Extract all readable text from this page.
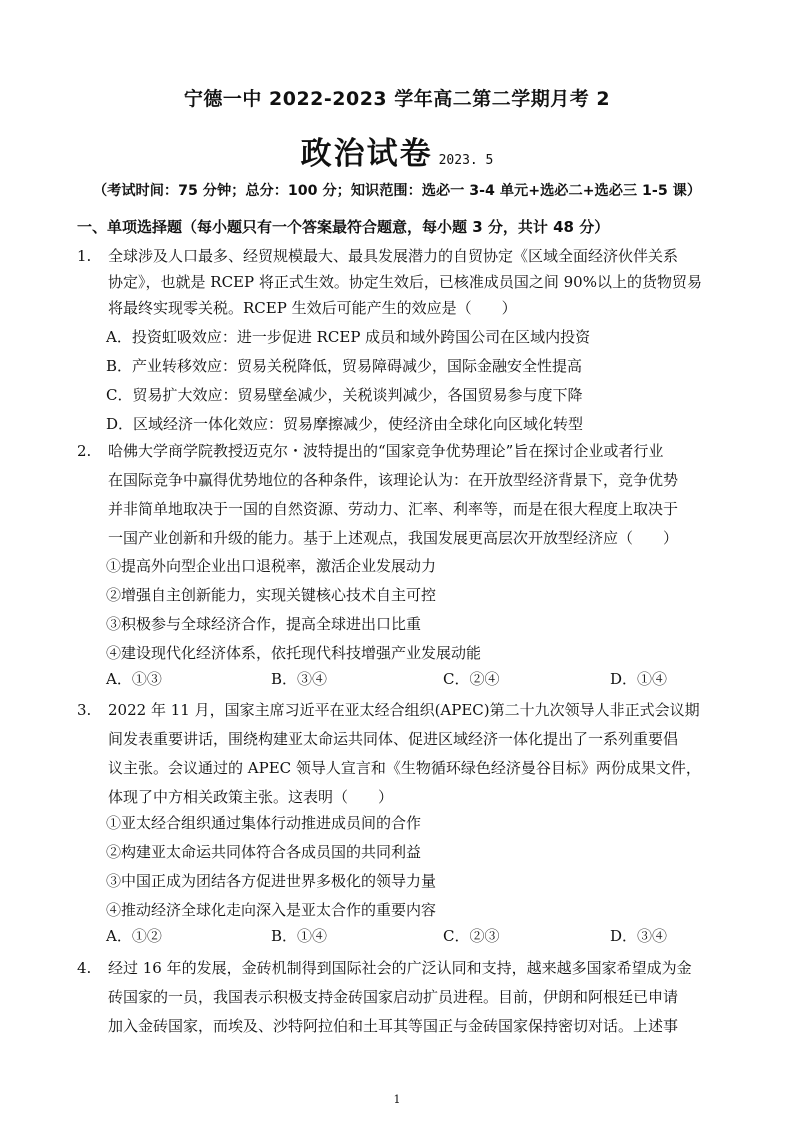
宁德一中 2022-2023 学年高二第二学期月考 2
政治试卷 2023. 5
（考试时间：75 分钟；总分：100 分；知识范围：选必一 3-4 单元+选必二+选必三 1-5 课）
一、单项选择题（每小题只有一个答案最符合题意，每小题 3 分，共计 48 分）
1. 全球涉及人口最多、经贸规模最大、最具发展潜力的自贸协定《区域全面经济伙伴关系
协定》，也就是 RCEP 将正式生效。协定生效后，已核准成员国之间 90%以上的货物贸易
将最终实现零关税。RCEP 生效后可能产生的效应是（　　）
A．投资虹吸效应：进一步促进 RCEP 成员和域外跨国公司在区域内投资
B．产业转移效应：贸易关税降低，贸易障碍减少，国际金融安全性提高
C．贸易扩大效应：贸易壁垒减少，关税谈判减少，各国贸易参与度下降
D．区域经济一体化效应：贸易摩擦减少，使经济由全球化向区域化转型
2. 哈佛大学商学院教授迈克尔・波特提出的“国家竞争优势理论”旨在探讨企业或者行业
在国际竞争中赢得优势地位的各种条件，该理论认为：在开放型经济背景下，竞争优势
并非简单地取决于一国的自然资源、劳动力、汇率、利率等，而是在很大程度上取决于
一国产业创新和升级的能力。基于上述观点，我国发展更高层次开放型经济应（　　）
①提高外向型企业出口退税率，激活企业发展动力
②增强自主创新能力，实现关键核心技术自主可控
③积极参与全球经济合作，提高全球进出口比重
④建设现代化经济体系，依托现代科技增强产业发展动能
A．①③	B．③④	C．②④	D．①④
3. 2022 年 11 月，国家主席习近平在亚太经合组织(APEC)第二十九次领导人非正式会议期
间发表重要讲话，围绕构建亚太命运共同体、促进区域经济一体化提出了一系列重要倡
议主张。会议通过的 APEC 领导人宣言和《生物循环绿色经济曼谷目标》两份成果文件，
体现了中方相关政策主张。这表明（　　）
①亚太经合组织通过集体行动推进成员间的合作
②构建亚太命运共同体符合各成员国的共同利益
③中国正成为团结各方促进世界多极化的领导力量
④推动经济全球化走向深入是亚太合作的重要内容
A．①②	B．①④	C．②③	D．③④
4. 经过 16 年的发展，金砖机制得到国际社会的广泛认同和支持，越来越多国家希望成为金
砖国家的一员，我国表示积极支持金砖国家启动扩员进程。目前，伊朗和阿根廷已申请
加入金砖国家，而埃及、沙特阿拉伯和土耳其等国正与金砖国家保持密切对话。上述事
1
